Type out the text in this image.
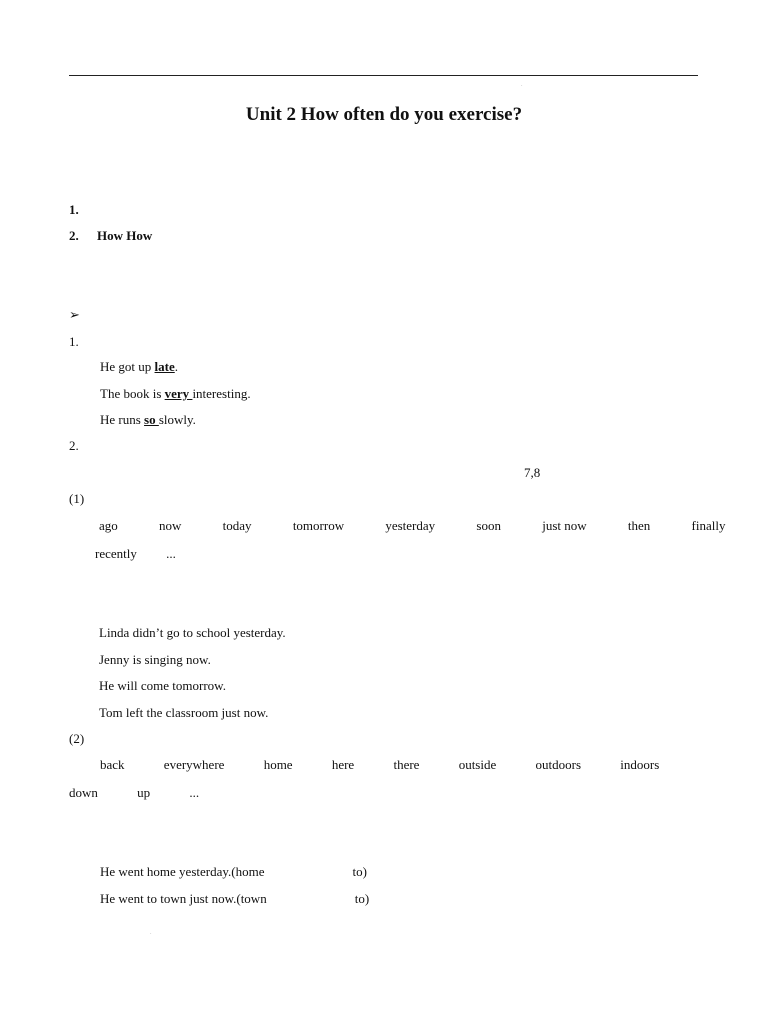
.
Unit 2 How often do you exercise?
1.
2. How How
➢
1.
He got up late.
The book is very interesting.
He runs so slowly.
2.
7,8
(1)
ago	now	today	tomorrow	yesterday	soon	just now	then	finally
recently ...
Linda didn’t go to school yesterday.
Jenny is singing now.
He will come tomorrow.
Tom left the classroom just now.
(2)
back	everywhere	home	here	there	outside	outdoors	indoors
down	up	...
He went home yesterday.(home	to)
He went to town just now.(town	to)
.
